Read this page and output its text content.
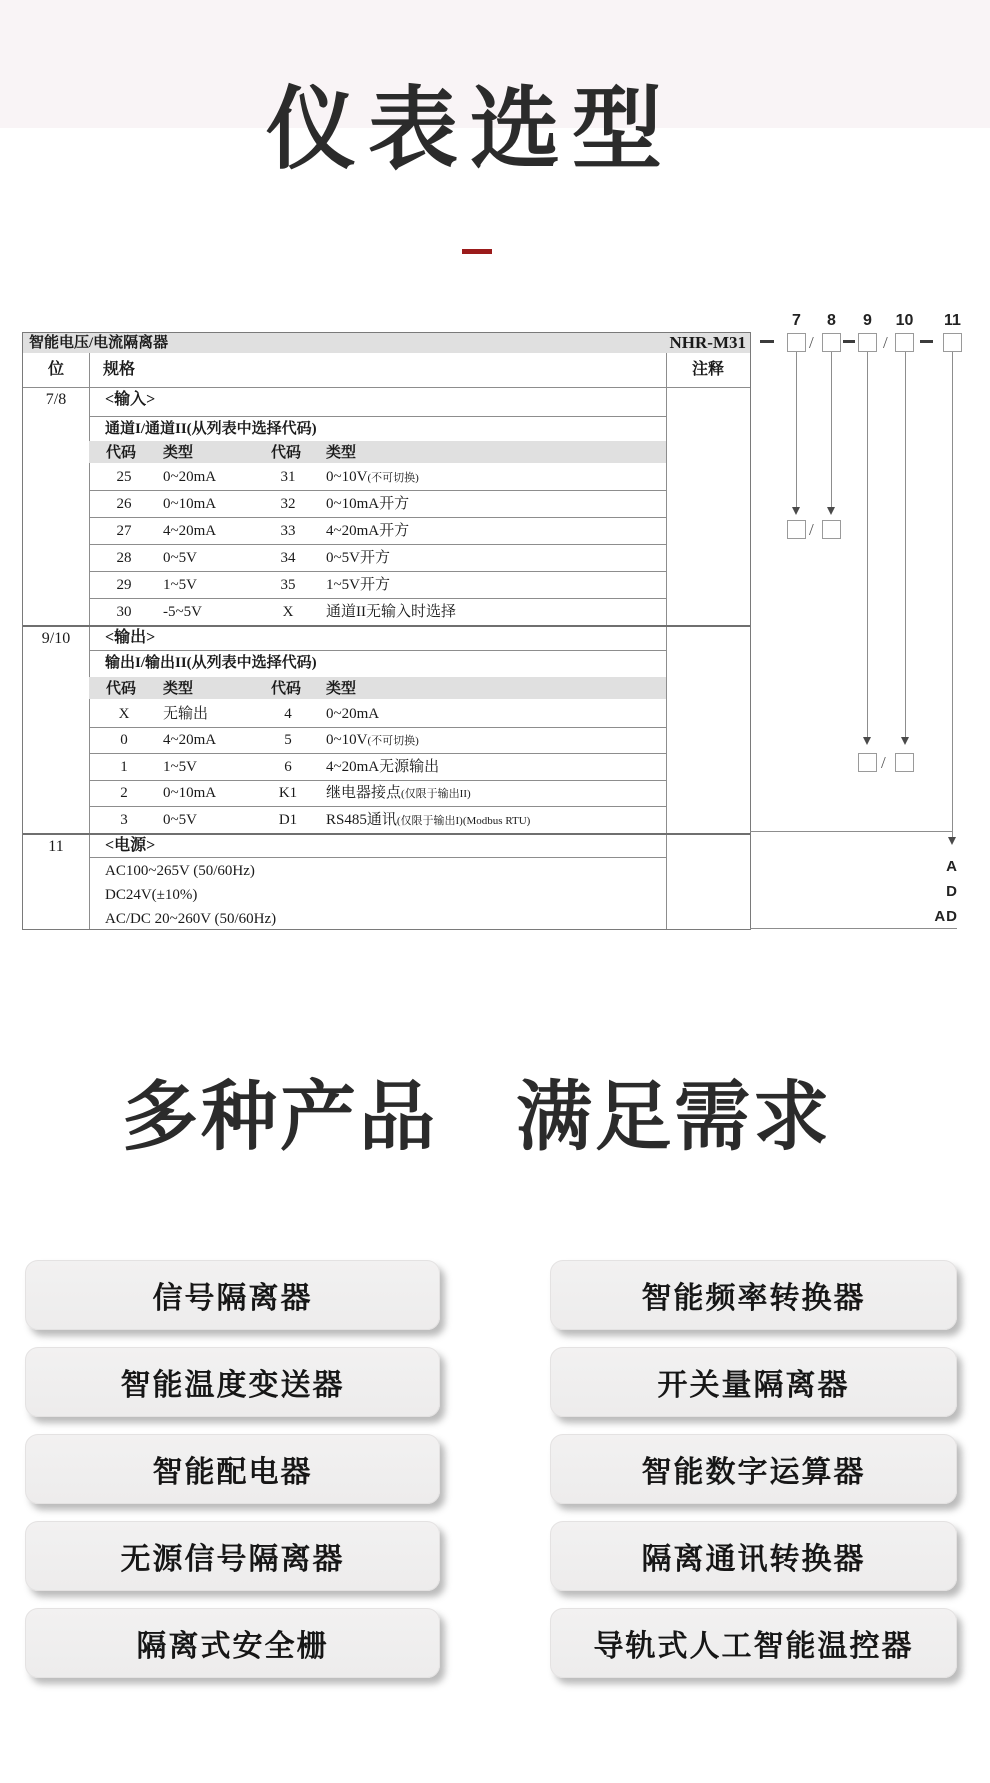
仪表选型
智能电压/电流隔离器	NHR-M31
位	规格	注释
7/8	<输入>
通道I/通道II(从列表中选择代码)
代码 类型	代码 类型
25	0~20mA	31	0~10V(不可切换)
26	0~10mA	32	0~10mA开方
27	4~20mA	33	4~20mA开方
28	0~5V	34	0~5V开方
29	1~5V	35	1~5V开方
30	-5~5V	X	通道II无输入时选择
9/10	<输出>
输出I/输出II(从列表中选择代码)
代码 类型	代码 类型
X	无输出	4	0~20mA
0	4~20mA	5	0~10V(不可切换)
1	1~5V	6	4~20mA无源输出
2	0~10mA	K1	继电器接点(仅限于输出II)
3	0~5V	D1	RS485通讯(仅限于输出I)(Modbus RTU)
11	<电源>
AC100~265V (50/60Hz)
DC24V(±10%)
AC/DC 20~260V (50/60Hz)
7	8	9	10 11
/	/
/
/
A
D
AD
多种产品 满足需求
信号隔离器	智能频率转换器
智能温度变送器	开关量隔离器
智能配电器	智能数字运算器
无源信号隔离器	隔离通讯转换器
隔离式安全栅	导轨式人工智能温控器
